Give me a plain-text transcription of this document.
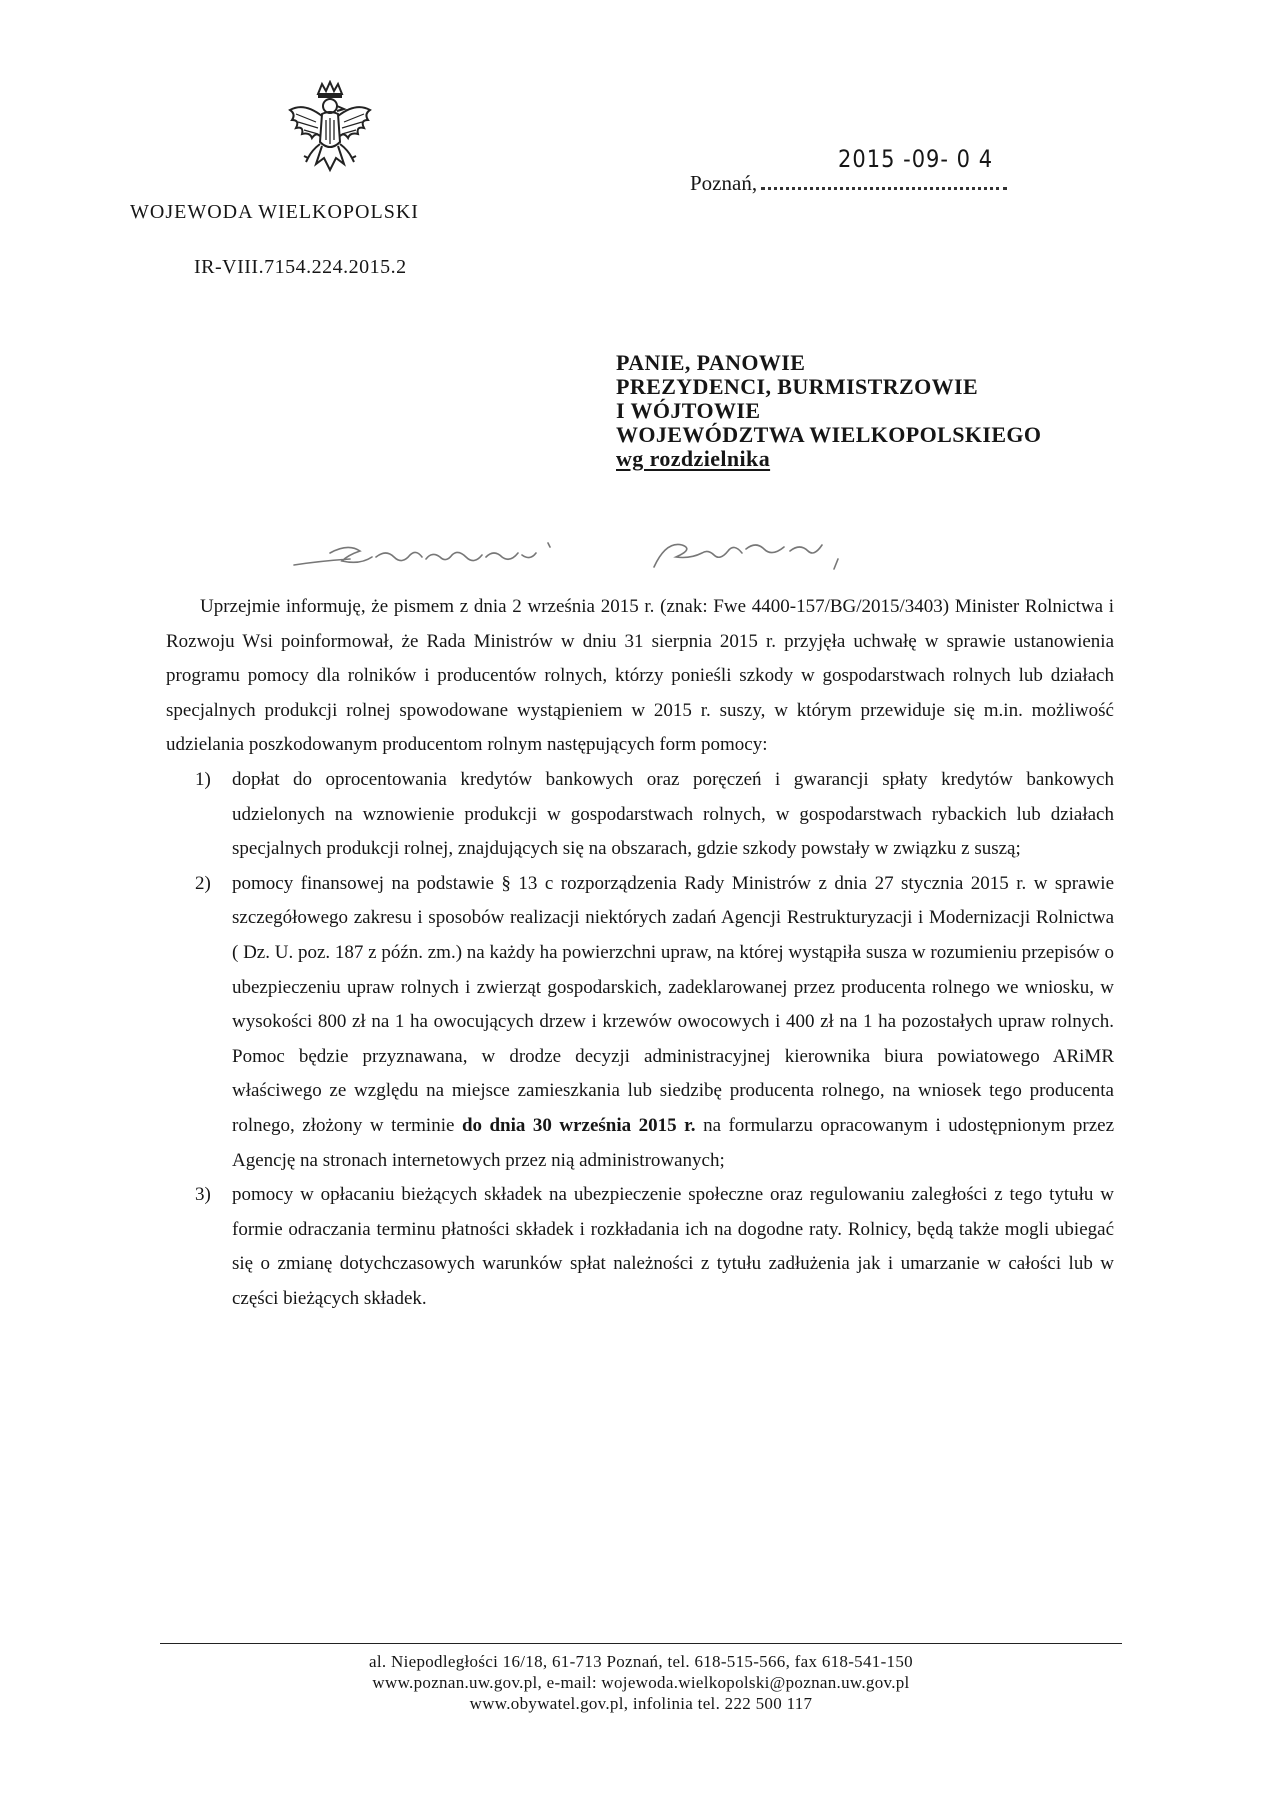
WOJEWODA WIELKOPOLSKI
IR-VIII.7154.224.2015.2
Poznań,
2015 -09- 0 4
PANIE, PANOWIE
PREZYDENCI, BURMISTRZOWIE
I WÓJTOWIE
WOJEWÓDZTWA WIELKOPOLSKIEGO
wg rozdzielnika

Uprzejmie informuję, że pismem z dnia 2 września 2015 r. (znak: Fwe 4400-157/BG/2015/3403) Minister Rolnictwa i Rozwoju Wsi poinformował, że Rada Ministrów w dniu 31 sierpnia 2015 r. przyjęła uchwałę w sprawie ustanowienia programu pomocy dla rolników i producentów rolnych, którzy ponieśli szkody w gospodarstwach rolnych lub działach specjalnych produkcji rolnej spowodowane wystąpieniem w 2015 r. suszy, w którym przewiduje się m.in. możliwość udzielania poszkodowanym producentom rolnym następujących form pomocy:

1) dopłat do oprocentowania kredytów bankowych oraz poręczeń i gwarancji spłaty kredytów bankowych udzielonych na wznowienie produkcji w gospodarstwach rolnych, w gospodarstwach rybackich lub działach specjalnych produkcji rolnej, znajdujących się na obszarach, gdzie szkody powstały w związku z suszą;
2) pomocy finansowej na podstawie § 13 c rozporządzenia Rady Ministrów z dnia 27 stycznia 2015 r. w sprawie szczegółowego zakresu i sposobów realizacji niektórych zadań Agencji Restrukturyzacji i Modernizacji Rolnictwa ( Dz. U. poz. 187 z późn. zm.) na każdy ha powierzchni upraw, na której wystąpiła susza w rozumieniu przepisów o ubezpieczeniu upraw rolnych i zwierząt gospodarskich, zadeklarowanej przez producenta rolnego we wniosku, w wysokości 800 zł na 1 ha owocujących drzew i krzewów owocowych i 400 zł na 1 ha pozostałych upraw rolnych. Pomoc będzie przyznawana, w drodze decyzji administracyjnej kierownika biura powiatowego ARiMR właściwego ze względu na miejsce zamieszkania lub siedzibę producenta rolnego, na wniosek tego producenta rolnego, złożony w terminie do dnia 30 września 2015 r. na formularzu opracowanym i udostępnionym przez Agencję na stronach internetowych przez nią administrowanych;
3) pomocy w opłacaniu bieżących składek na ubezpieczenie społeczne oraz regulowaniu zaległości z tego tytułu w formie odraczania terminu płatności składek i rozkładania ich na dogodne raty. Rolnicy, będą także mogli ubiegać się o zmianę dotychczasowych warunków spłat należności z tytułu zadłużenia jak i umarzanie w całości lub w części bieżących składek.
al. Niepodległości 16/18, 61-713 Poznań, tel. 618-515-566, fax 618-541-150
www.poznan.uw.gov.pl, e-mail: wojewoda.wielkopolski@poznan.uw.gov.pl
www.obywatel.gov.pl, infolinia tel. 222 500 117
